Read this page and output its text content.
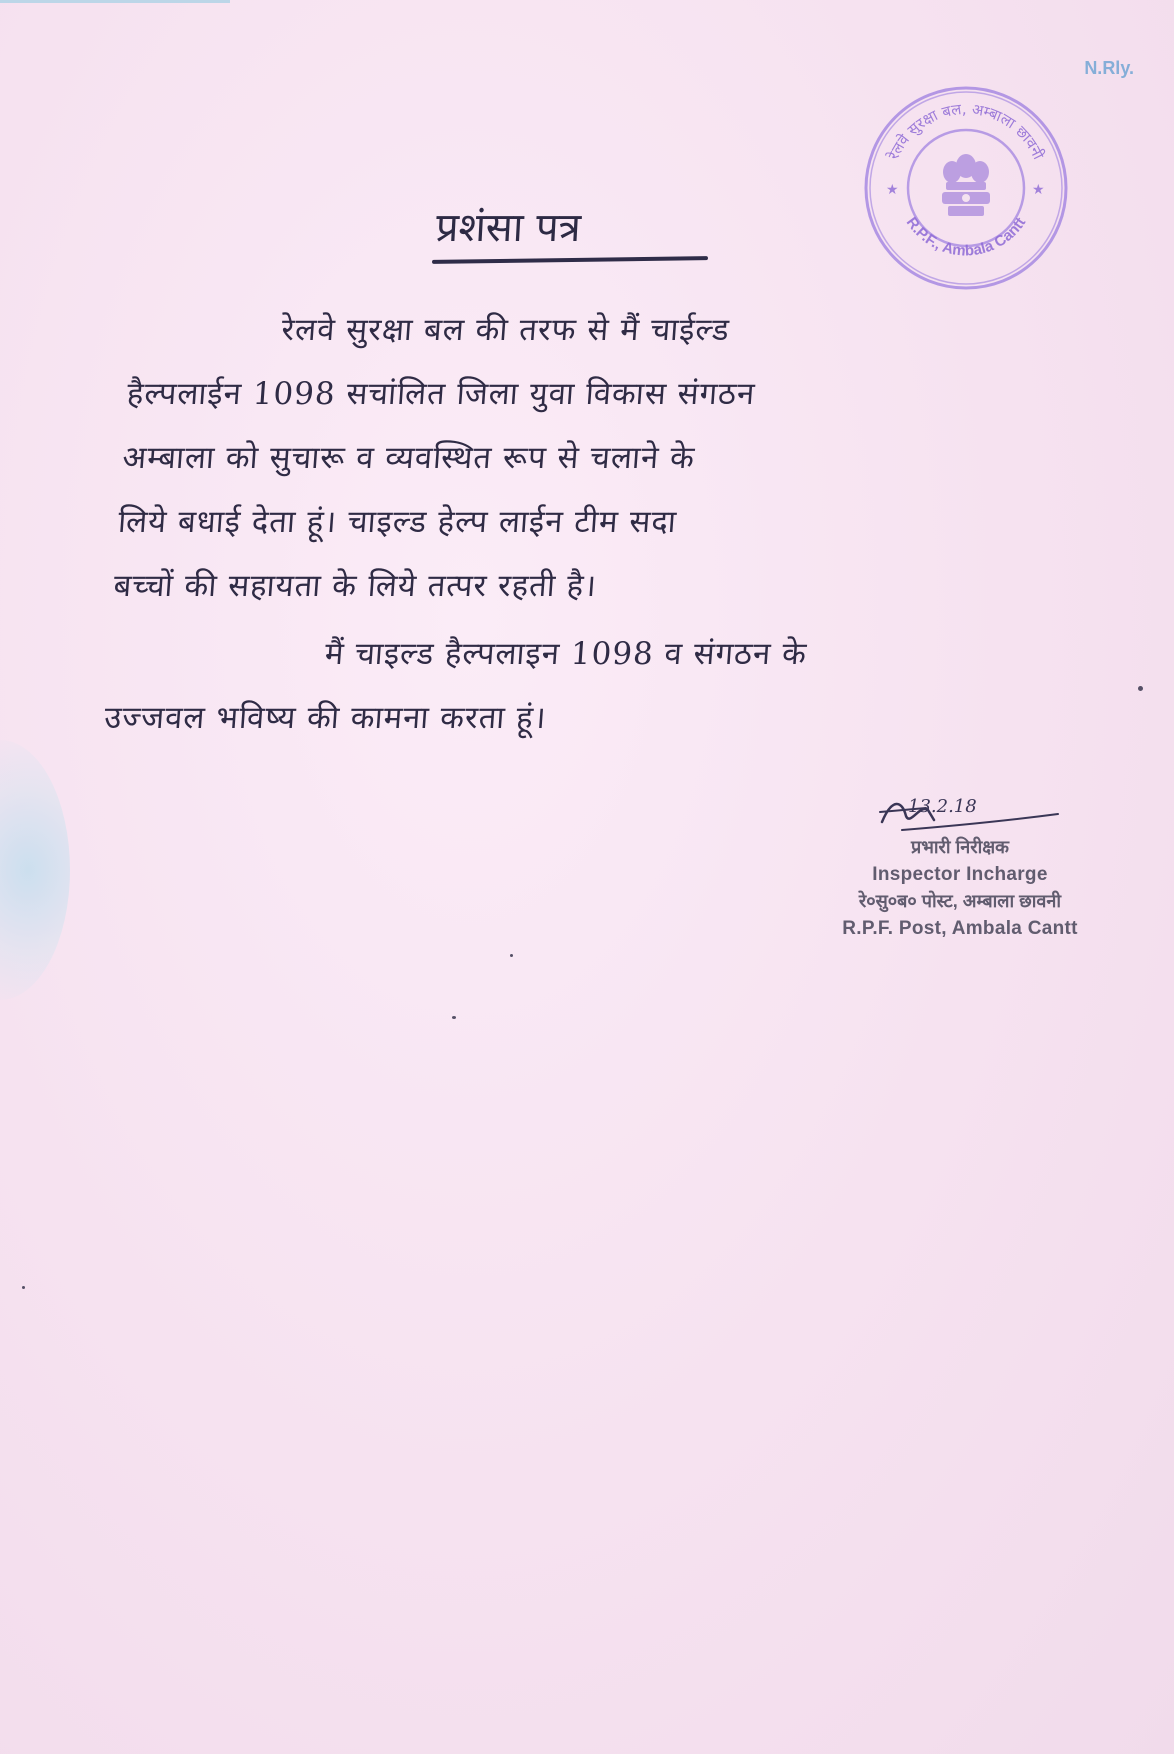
N.Rly.
रेलवे सुरक्षा बल, अम्बाला छावनी
R.P.F., Ambala Cantt
★	★
प्रशंसा पत्र
रेलवे सुरक्षा बल की तरफ से मैं चाईल्ड
हैल्पलाईन 1098 सचांलित जिला युवा विकास संगठन
अम्बाला को सुचारू व व्यवस्थित रूप से चलाने के
लिये बधाई देता हूं। चाइल्ड हेल्प लाईन टीम सदा
बच्चों की सहायता के लिये तत्पर रहती है।
मैं चाइल्ड हैल्पलाइन 1098 व संगठन के
उज्जवल भविष्य की कामना करता हूं।
13.2.18
प्रभारी निरीक्षक
Inspector Incharge
रे०सु०ब० पोस्ट, अम्बाला छावनी
R.P.F. Post, Ambala Cantt
